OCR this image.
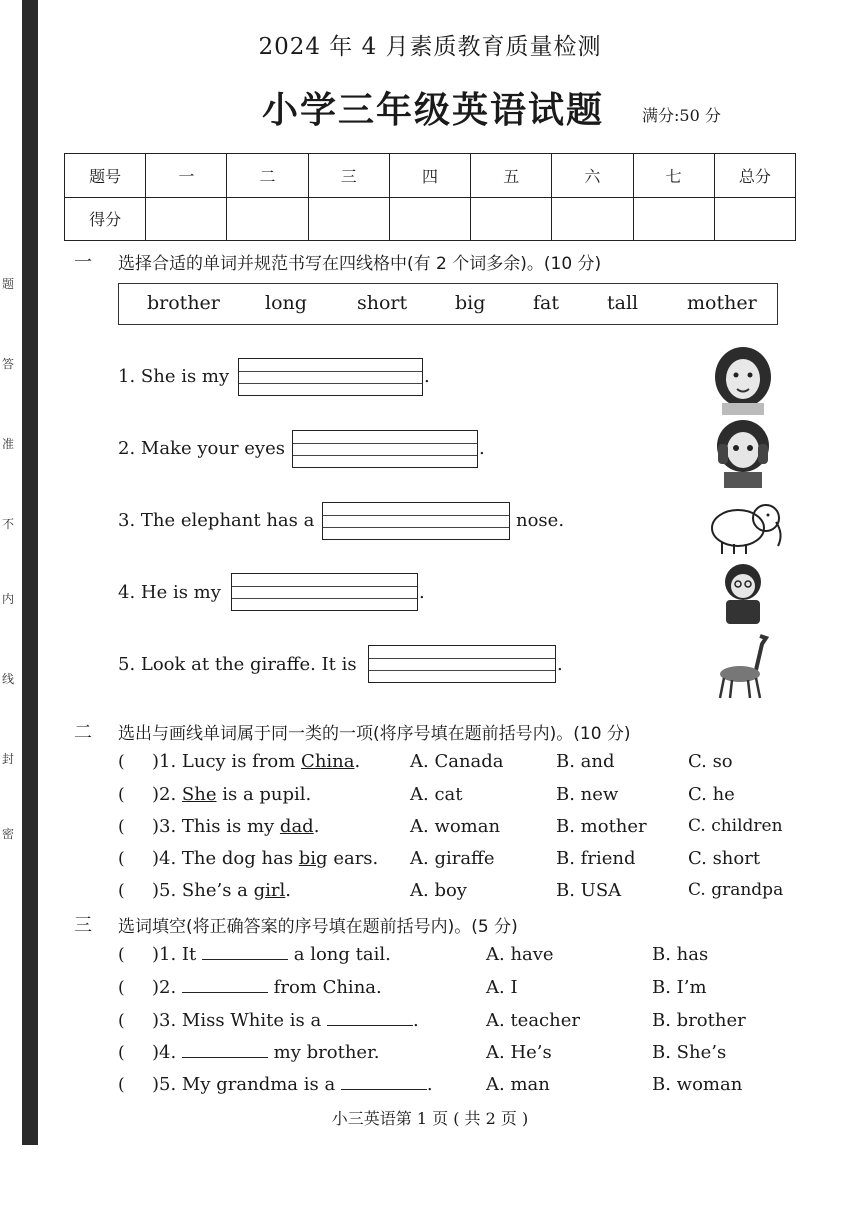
题
答
准
不
内
线
封
密
2024 年 4 月素质教育质量检测
小学三年级英语试题 满分:50 分
题号	一	二	三	四	五	六	七	总分
得分								
一 选择合适的单词并规范书写在四线格中(有 2 个词多余)。(10 分)
brother long	short	big	fat	tall	mother
1. She is my	.
2. Make your eyes	.
3. The elephant has a	nose.
4. He is my	.
5. Look at the giraffe. It is	.
二 选出与画线单词属于同一类的一项(将序号填在题前括号内)。(10 分)
( )1. Lucy is from China.	A. Canada	B. and	C. so
( )2. She is a pupil.	A. cat	B. new	C. he
( )3. This is my dad.	A. woman	B. mother C. children
( )4. The dog has big ears. A. giraffe	B. friend	C. short
( )5. She’s a girl.	A. boy	B. USA	C. grandpa
三 选词填空(将正确答案的序号填在题前括号内)。(5 分)
( )1. It	a long tail.	A. have	B. has
( )2.	from China.	A. I	B. I’m
( )3. Miss White is a	.	A. teacher	B. brother
( )4.	my brother.	A. He’s	B. She’s
( )5. My grandma is a	.	A. man	B. woman
小三英语第 1 页 ( 共 2 页 )
